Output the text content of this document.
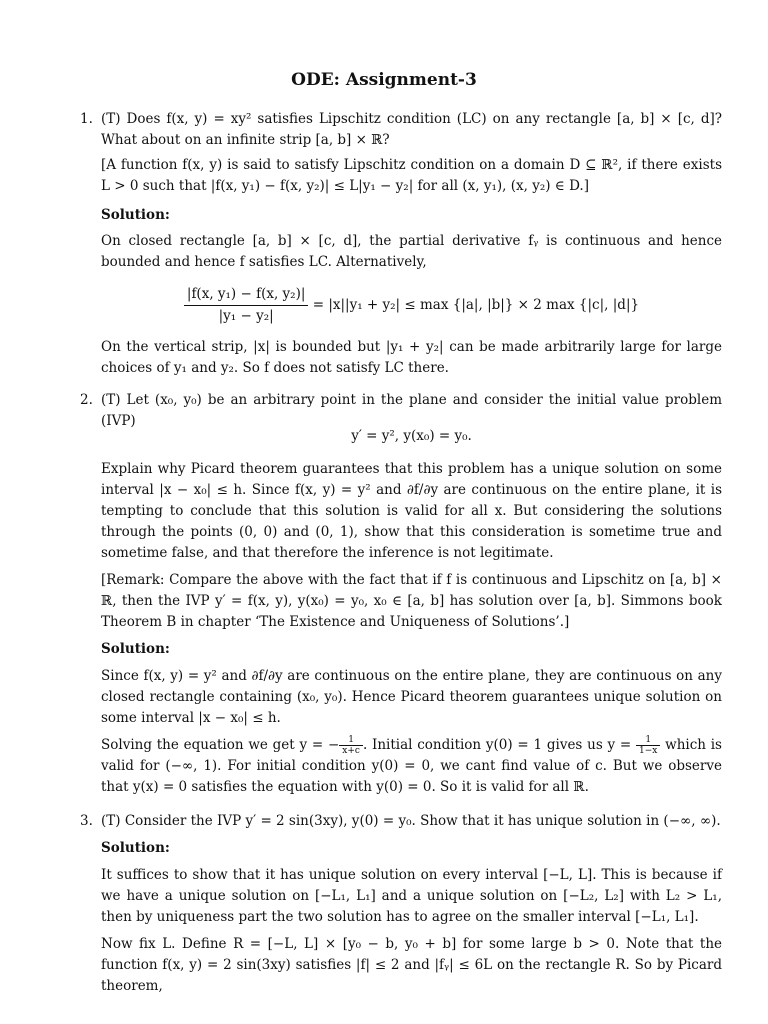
ODE: Assignment-3
1. (T) Does f(x, y) = xy² satisfies Lipschitz condition (LC) on any rectangle [a, b] × [c, d]? What about on an infinite strip [a, b] × ℝ?
[A function f(x, y) is said to satisfy Lipschitz condition on a domain D ⊆ ℝ², if there exists L > 0 such that |f(x, y₁) − f(x, y₂)| ≤ L|y₁ − y₂| for all (x, y₁), (x, y₂) ∈ D.]
Solution:
On closed rectangle [a, b] × [c, d], the partial derivative fᵧ is continuous and hence bounded and hence f satisfies LC. Alternatively,
$\frac{\text{|f(x, y₁) − f(x, y₂)|}}{\text{|y₁ − y₂|}} = |x||y_1 + y_2| \le \max \{|a|$, |b|} × 2 max {|c|, |d|}
On the vertical strip, |x| is bounded but |y₁ + y₂| can be made arbitrarily large for large choices of y₁ and y₂. So f does not satisfy LC there.
2. (T) Let (x₀, y₀) be an arbitrary point in the plane and consider the initial value problem (IVP)
y′ = y², y(x₀) = y₀.
Explain why Picard theorem guarantees that this problem has a unique solution on some interval |x − x₀| ≤ h. Since f(x, y) = y² and ∂f/∂y are continuous on the entire plane, it is tempting to conclude that this solution is valid for all x. But considering the solutions through the points (0, 0) and (0, 1), show that this consideration is sometime true and sometime false, and that therefore the inference is not legitimate.
[Remark: Compare the above with the fact that if f is continuous and Lipschitz on [a, b] × ℝ, then the IVP y′ = f(x, y), y(x₀) = y₀, x₀ ∈ [a, b] has solution over [a, b]. Simmons book Theorem B in chapter ‘The Existence and Uniqueness of Solutions’.]
Solution:
Since f(x, y) = y² and ∂f/∂y are continuous on the entire plane, they are continuous on any closed rectangle containing (x₀, y₀). Hence Picard theorem guarantees unique solution on some interval |x − x₀| ≤ h.
Solving the equation we get y = − $\frac{1}{x+c}$ . Initial condition y(0) = 1 gives us $y = \frac{1}{1-x}$ which is valid for (−∞, 1). For initial condition y(0) = 0, we cant find value of c. But we observe that y(x) = 0 satisfies the equation with y(0) = 0. So it is valid for all ℝ.
3. (T) Consider the IVP y′ = 2 sin(3xy), y(0) = y₀. Show that it has unique solution in (−∞, ∞).
Solution:
It suffices to show that it has unique solution on every interval [−L, L]. This is because if we have a unique solution on [−L₁, L₁] and a unique solution on [−L₂, L₂] with L₂ > L₁, then by uniqueness part the two solution has to agree on the smaller interval [−L₁, L₁].
Now fix L. Define R = [−L, L] × [y₀ − b, y₀ + b] for some large b > 0. Note that the function f(x, y) = 2 sin(3xy) satisfies |f| ≤ 2 and |fᵧ| ≤ 6L on the rectangle R. So by Picard theorem,
